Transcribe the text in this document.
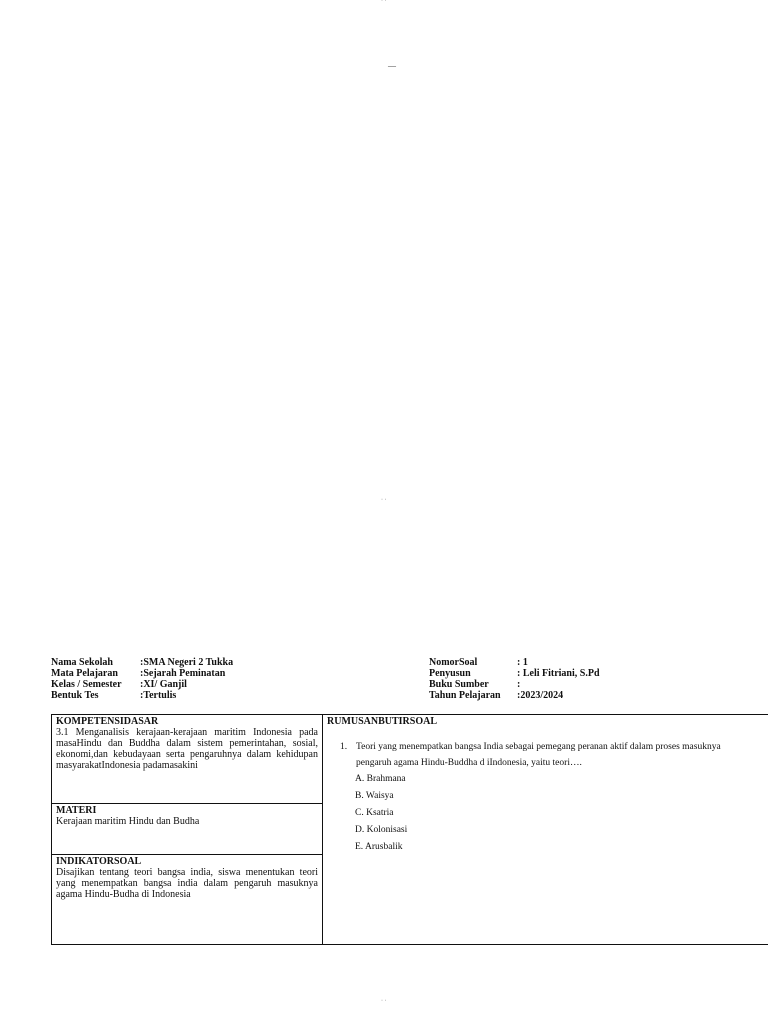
· ·
—
· ·
· ·
Nama Sekolah	:SMA Negeri 2 Tukka
Mata Pelajaran	:Sejarah Peminatan
Kelas / Semester	:XI/ Ganjil
Bentuk Tes	:Tertulis
NomorSoal	: 1
Penyusun	: Leli Fitriani, S.Pd
Buku Sumber	:
Tahun Pelajaran	:2023/2024
KOMPETENSIDASAR
3.1 Menganalisis kerajaan-kerajaan maritim Indonesia pada masaHindu dan Buddha dalam sistem pemerintahan, sosial, ekonomi,dan kebudayaan serta pengaruhnya dalam kehidupan masyarakatIndonesia padamasakini
MATERI
Kerajaan maritim Hindu dan Budha
INDIKATORSOAL
Disajikan tentang teori bangsa india, siswa menentukan teori yang menempatkan bangsa india dalam pengaruh masuknya agama Hindu-Budha di Indonesia
RUMUSANBUTIRSOAL
1. Teori yang menempatkan bangsa India sebagai pemegang peranan aktif dalam proses masuknya pengaruh agama Hindu-Buddha d iIndonesia, yaitu teori….
A. Brahmana
B. Waisya
C. Ksatria
D. Kolonisasi
E. Arusbalik
